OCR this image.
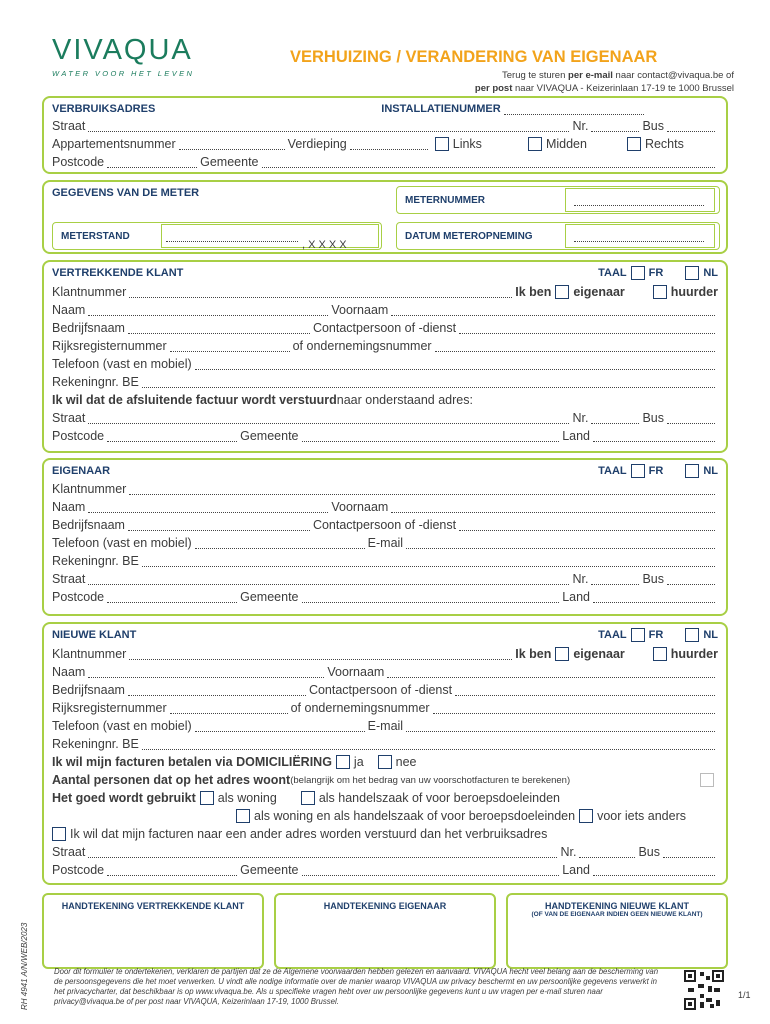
VIVAQUA
WATER VOOR HET LEVEN
VERHUIZING / VERANDERING VAN EIGENAAR
Terug te sturen per e-mail naar contact@vivaqua.be of
per post naar VIVAQUA - Keizerinlaan 17-19 te 1000 Brussel
VERBRUIKSADRES	INSTALLATIENUMMER
Straat	Nr.	Bus
Appartementsnummer	Verdieping	Links	Midden	Rechts
Postcode	Gemeente
GEGEVENS VAN DE METER
METERNUMMER
METERSTAND
, X X X X
DATUM METEROPNEMING
VERTREKKENDE KLANT	TAAL FR	NL
Klantnummer	Ik ben eigenaar	huurder
Naam	Voornaam
Bedrijfsnaam	Contactpersoon of -dienst
Rijksregisternummer	of ondernemingsnummer
Telefoon (vast en mobiel)
Rekeningnr. BE
Ik wil dat de afsluitende factuur wordt verstuurd naar onderstaand adres:
Straat	Nr.	Bus
Postcode	Gemeente	Land
EIGENAAR	TAAL FR	NL
Klantnummer
Naam	Voornaam
Bedrijfsnaam	Contactpersoon of -dienst
Telefoon (vast en mobiel)	E-mail
Rekeningnr. BE
Straat	Nr.	Bus
Postcode	Gemeente	Land
NIEUWE KLANT	TAAL FR	NL
Klantnummer	Ik ben eigenaar	huurder
Naam	Voornaam
Bedrijfsnaam	Contactpersoon of -dienst
Rijksregisternummer	of ondernemingsnummer
Telefoon (vast en mobiel)	E-mail
Rekeningnr. BE
Ik wil mijn facturen betalen via DOMICILIËRING ja	nee
Aantal personen dat op het adres woont (belangrijk om het bedrag van uw voorschotfacturen te berekenen)
Het goed wordt gebruikt als woning	als handelszaak of voor beroepsdoeleinden
als woning en als handelszaak of voor beroepsdoeleinden voor iets anders
Ik wil dat mijn facturen naar een ander adres worden verstuurd dan het verbruiksadres
Straat	Nr.	Bus
Postcode	Gemeente	Land
HANDTEKENING VERTREKKENDE KLANT	HANDTEKENING EIGENAAR	HANDTEKENING NIEUWE KLANT
(OF VAN DE EIGENAAR INDIEN GEEN NIEUWE KLANT)
Door dit formulier te ondertekenen, verklaren de partijen dat ze de Algemene voorwaarden hebben gelezen en aanvaard. VIVAQUA hecht veel belang aan de bescherming van de persoonsgegevens die het moet verwerken. U vindt alle nodige informatie over de manier waarop VIVAQUA uw privacy beschermt en uw persoonlijke gegevens verwerkt in het privacycharter, dat beschikbaar is op www.vivaqua.be. Als u specifieke vragen hebt over uw persoonlijke gegevens kunt u uw vragen per e-mail sturen naar privacy@vivaqua.be of per post naar VIVAQUA, Keizerinlaan 17-19, 1000 Brussel.
RH 4941 A/N/WEB/2023	1/1
